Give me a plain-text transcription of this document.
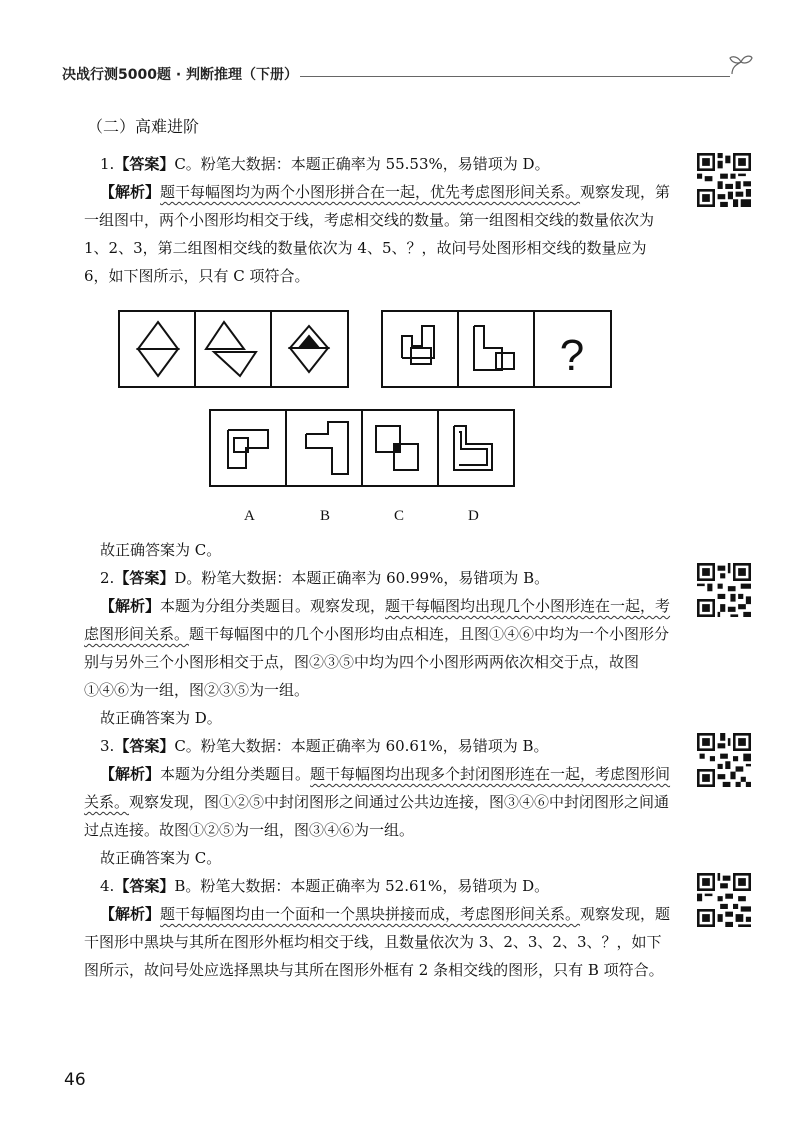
决战行测5000题 · 判断推理（下册）
（二）高难进阶

1.【答案】C。粉笔大数据：本题正确率为 55.53%，易错项为 D。

【解析】题干每幅图均为两个小图形拼合在一起，优先考虑图形间关系。观察发现，第一组图中，两个小图形均相交于线，考虑相交线的数量。第一组图相交线的数量依次为 1、2、3，第二组图相交线的数量依次为 4、5、？，故问号处图形相交线的数量应为 6，如下图所示，只有 C 项符合。

?
A	B	C	D

故正确答案为 C。

2.【答案】D。粉笔大数据：本题正确率为 60.99%，易错项为 B。

【解析】本题为分组分类题目。观察发现，题干每幅图均出现几个小图形连在一起，考虑图形间关系。题干每幅图中的几个小图形均由点相连，且图①④⑥中均为一个小图形分别与另外三个小图形相交于点，图②③⑤中均为四个小图形两两依次相交于点，故图①④⑥为一组，图②③⑤为一组。

故正确答案为 D。

3.【答案】C。粉笔大数据：本题正确率为 60.61%，易错项为 B。

【解析】本题为分组分类题目。题干每幅图均出现多个封闭图形连在一起，考虑图形间关系。观察发现，图①②⑤中封闭图形之间通过公共边连接，图③④⑥中封闭图形之间通过点连接。故图①②⑤为一组，图③④⑥为一组。

故正确答案为 C。

4.【答案】B。粉笔大数据：本题正确率为 52.61%，易错项为 D。

【解析】题干每幅图均由一个面和一个黑块拼接而成，考虑图形间关系。观察发现，题干图形中黑块与其所在图形外框均相交于线，且数量依次为 3、2、3、2、3、？，如下图所示，故问号处应选择黑块与其所在图形外框有 2 条相交线的图形，只有 B 项符合。

46
